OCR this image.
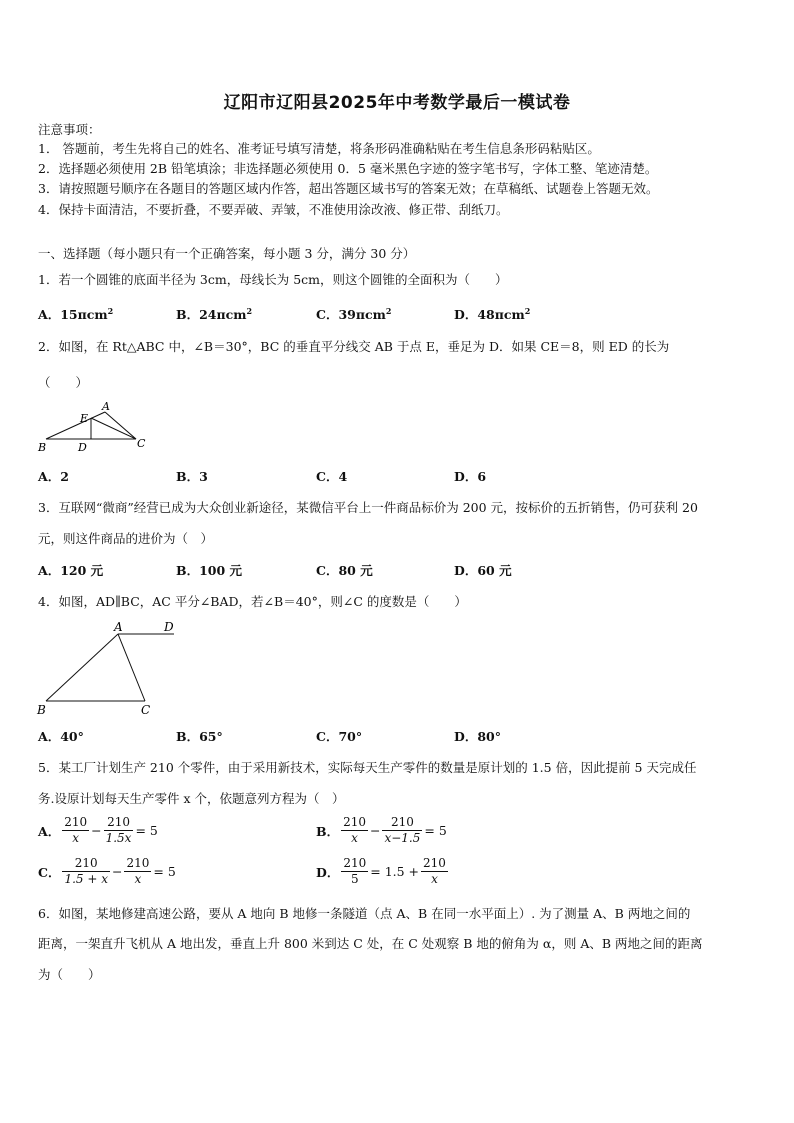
辽阳市辽阳县2025年中考数学最后一模试卷
注意事项：
1． 答题前，考生先将自己的姓名、准考证号填写清楚，将条形码准确粘贴在考生信息条形码粘贴区。
2．选择题必须使用 2B 铅笔填涂；非选择题必须使用 0．5 毫米黑色字迹的签字笔书写，字体工整、笔迹清楚。
3．请按照题号顺序在各题目的答题区域内作答，超出答题区域书写的答案无效；在草稿纸、试题卷上答题无效。
4．保持卡面清洁，不要折叠，不要弄破、弄皱，不准使用涂改液、修正带、刮纸刀。
一、选择题（每小题只有一个正确答案，每小题 3 分，满分 30 分）
1．若一个圆锥的底面半径为 3cm，母线长为 5cm，则这个圆锥的全面积为（　　）
A．15πcm$^2$	B．24πcm$^2$	C．39πcm$^2$	D．48πcm$^2$
2．如图，在 Rt△ABC 中，∠B＝30°，BC 的垂直平分线交 AB 于点 E，垂足为 D．如果 CE＝8，则 ED 的长为
（　　）
B
A
E
D	C
A．2	B．3	C．4	D．6
3．互联网“微商”经营已成为大众创业新途径，某微信平台上一件商品标价为 200 元，按标价的五折销售，仍可获利 20
元，则这件商品的进价为（　）
A．120 元	B．100 元	C．80 元	D．60 元
4．如图，AD∥BC，AC 平分∠BAD，若∠B＝40°，则∠C 的度数是（　　）
A	D
B	C
A．40°	B．65°	C．70°	D．80°
5．某工厂计划生产 210 个零件，由于采用新技术，实际每天生产零件的数量是原计划的 1.5 倍，因此提前 5 天完成任
务.设原计划每天生产零件 x 个，依题意列方程为（　）
A． $\frac{210}{x} - \frac{210}{1.5x} = 5$	B． $\frac{210}{x} - \frac{210}{x-1.5} = 5$
C． $\frac{210}{1.5 + x} - \frac{210}{x} = 5$	D． $\frac{210}{5} = 1.5 + \frac{210}{x}$
6．如图，某地修建高速公路，要从 A 地向 B 地修一条隧道（点 A、B 在同一水平面上）. 为了测量 A、B 两地之间的
距离，一架直升飞机从 A 地出发，垂直上升 800 米到达 C 处，在 C 处观察 B 地的俯角为 α，则 A、B 两地之间的距离
为（　　）
